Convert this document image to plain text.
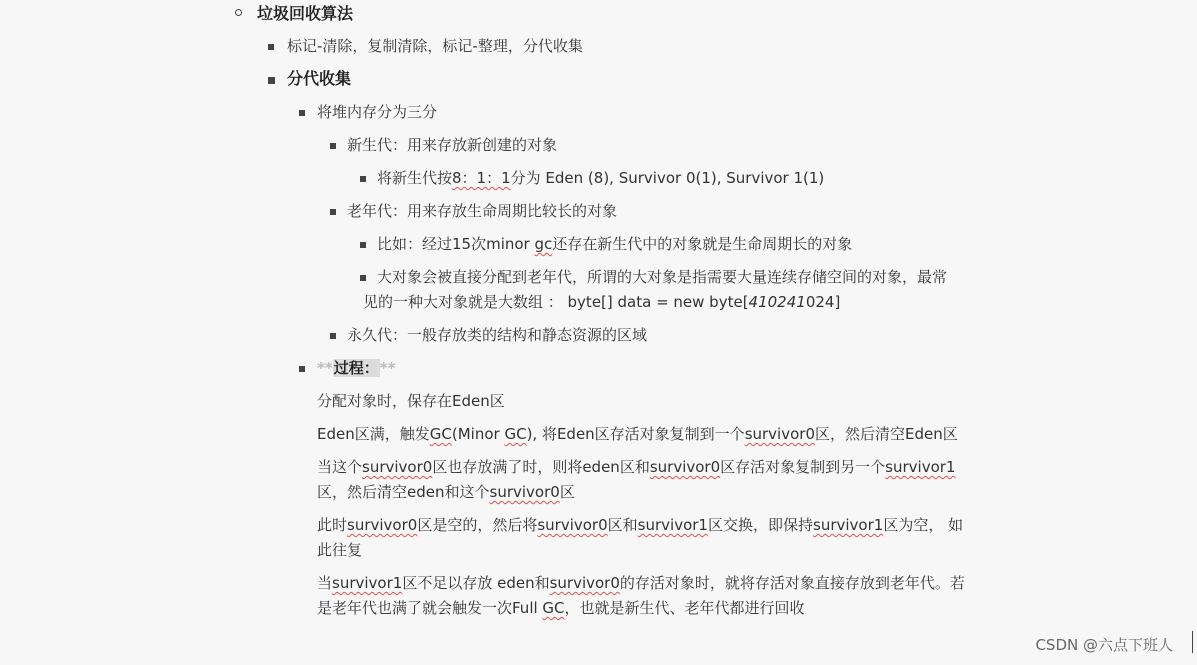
垃圾回收算法
标记-清除，复制清除，标记-整理，分代收集
分代收集
将堆内存分为三分
新生代：用来存放新创建的对象
将新生代按8：1：1分为 Eden (8), Survivor 0(1), Survivor 1(1)
老年代：用来存放生命周期比较长的对象
比如：经过15次minor gc还存在新生代中的对象就是生命周期长的对象
大对象会被直接分配到老年代，所谓的大对象是指需要大量连续存储空间的对象，最常
见的一种大对象就是大数组 ： byte[] data = new byte[410241024]
永久代：一般存放类的结构和静态资源的区域
**过程：**
分配对象时，保存在Eden区
Eden区满，触发GC(Minor GC), 将Eden区存活对象复制到一个survivor0区，然后清空Eden区
当这个survivor0区也存放满了时，则将eden区和survivor0区存活对象复制到另一个survivor1
区，然后清空eden和这个survivor0区
此时survivor0区是空的，然后将survivor0区和survivor1区交换，即保持survivor1区为空， 如
此往复
当survivor1区不足以存放 eden和survivor0的存活对象时，就将存活对象直接存放到老年代。若
是老年代也满了就会触发一次Full GC，也就是新生代、老年代都进行回收
CSDN @六点下班人
